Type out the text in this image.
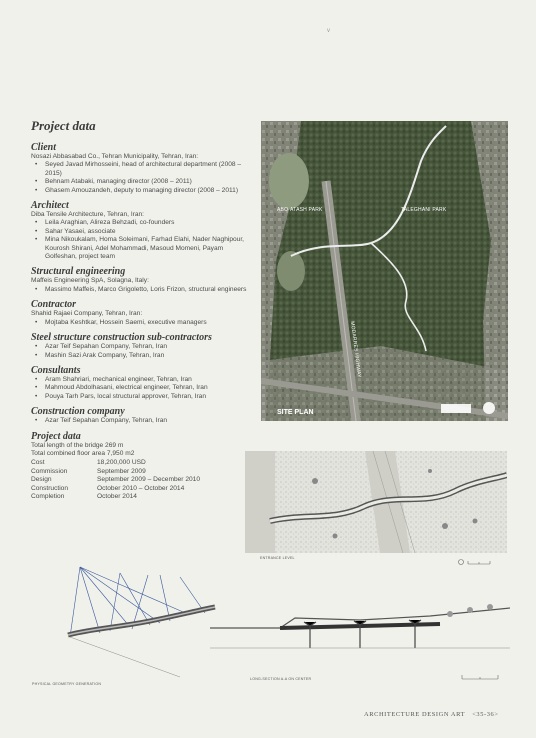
v
Project data
Client

Nosazi Abbasabad Co., Tehran Municipality, Tehran, Iran:

• Seyed Javad Mirhosseini, head of architectural department (2008 – 2015)
• Behnam Atabaki, managing director (2008 – 2011)
• Ghasem Amouzandeh, deputy to managing director (2008 – 2011)
Architect

Diba Tensile Architecture, Tehran, Iran:

• Leila Araghian, Alireza Behzadi, co-founders
• Sahar Yasaei, associate
• Mina Nikoukalam, Homa Soleimani, Farhad Elahi, Nader Naghipour, Kourosh Shirani, Adel Mohammadi, Masoud Momeni, Payam Golfeshan, project team
Structural engineering

Maffeis Engineering SpA, Solagna, Italy:

• Massimo Maffeis, Marco Grigoletto, Loris Frizon, structural engineers
Contractor

Shahid Rajaei Company, Tehran, Iran:

• Mojtaba Keshtkar, Hossein Saemi, executive managers
Steel structure construction sub-contractors
• Azar Teif Sepahan Company, Tehran, Iran
• Mashin Sazi Arak Company, Tehran, Iran
Consultants
• Aram Shahriari, mechanical engineer, Tehran, Iran
• Mahmoud Abdolhasani, electrical engineer, Tehran, Iran
• Pouya Tarh Pars, local structural approver, Tehran, Iran
Construction company
• Azar Teif Sepahan Company, Tehran, Iran
Project data

Total length of the bridge 269 m

Total combined floor area 7,950 m2

Cost	18,200,000 USD
Commission	September 2009
Design	September 2009 – December 2010
Construction	October 2010 – October 2014
Completion	October 2014
ABO-ATASH PARK	TALEGHANI PARK
MODARRES HIGHWAY
SITE PLAN
ENTRANCE LEVEL
PHYSICAL GEOMETRY GENERATION
LONG-SECTION A-A ON CENTER
ARCHITECTURE DESIGN ART <35-36>
